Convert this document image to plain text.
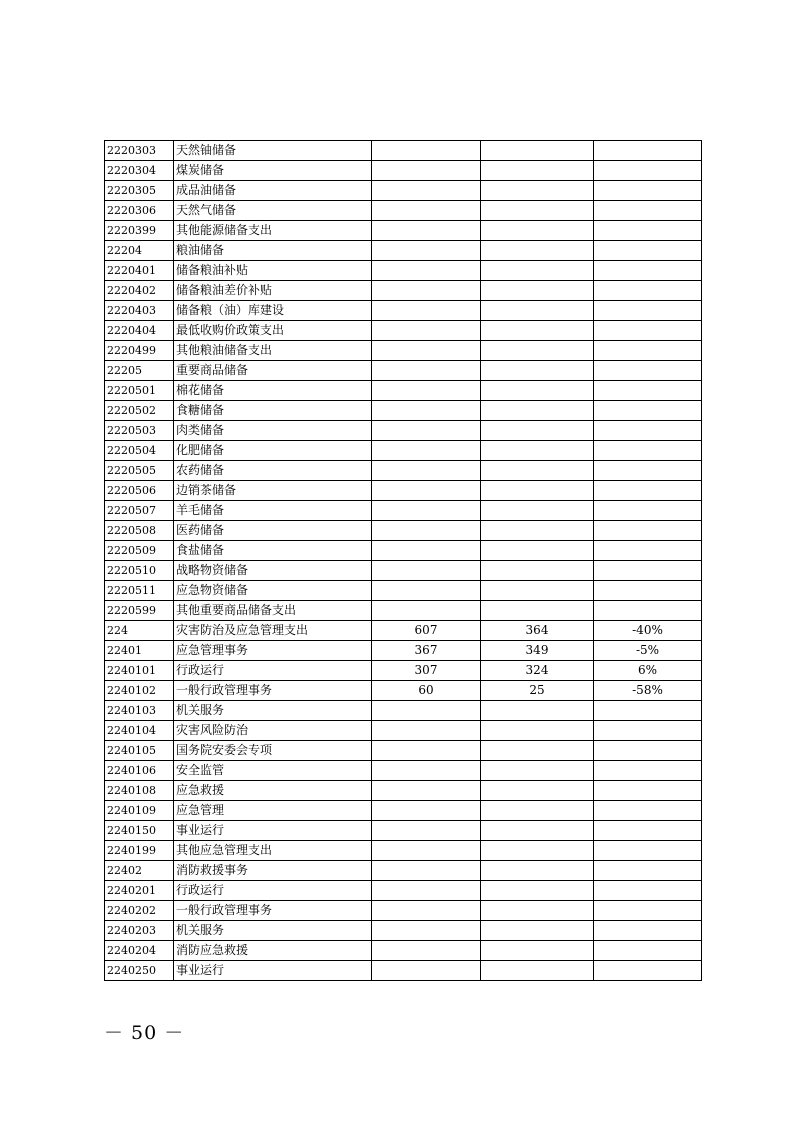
2220303	天然铀储备			
2220304	煤炭储备			
2220305	成品油储备			
2220306	天然气储备			
2220399	其他能源储备支出			
22204	粮油储备			
2220401	储备粮油补贴			
2220402	储备粮油差价补贴			
2220403	储备粮（油）库建设			
2220404	最低收购价政策支出			
2220499	其他粮油储备支出			
22205	重要商品储备			
2220501	棉花储备			
2220502	食糖储备			
2220503	肉类储备			
2220504	化肥储备			
2220505	农药储备			
2220506	边销茶储备			
2220507	羊毛储备			
2220508	医药储备			
2220509	食盐储备			
2220510	战略物资储备			
2220511	应急物资储备			
2220599	其他重要商品储备支出			
224	灾害防治及应急管理支出	607	364	-40%
22401	应急管理事务	367	349	-5%
2240101	行政运行	307	324	6%
2240102	一般行政管理事务	60	25	-58%
2240103	机关服务			
2240104	灾害风险防治			
2240105	国务院安委会专项			
2240106	安全监管			
2240108	应急救援			
2240109	应急管理			
2240150	事业运行			
2240199	其他应急管理支出			
22402	消防救援事务			
2240201	行政运行			
2240202	一般行政管理事务			
2240203	机关服务			
2240204	消防应急救援			
2240250	事业运行			
－ 50 －
